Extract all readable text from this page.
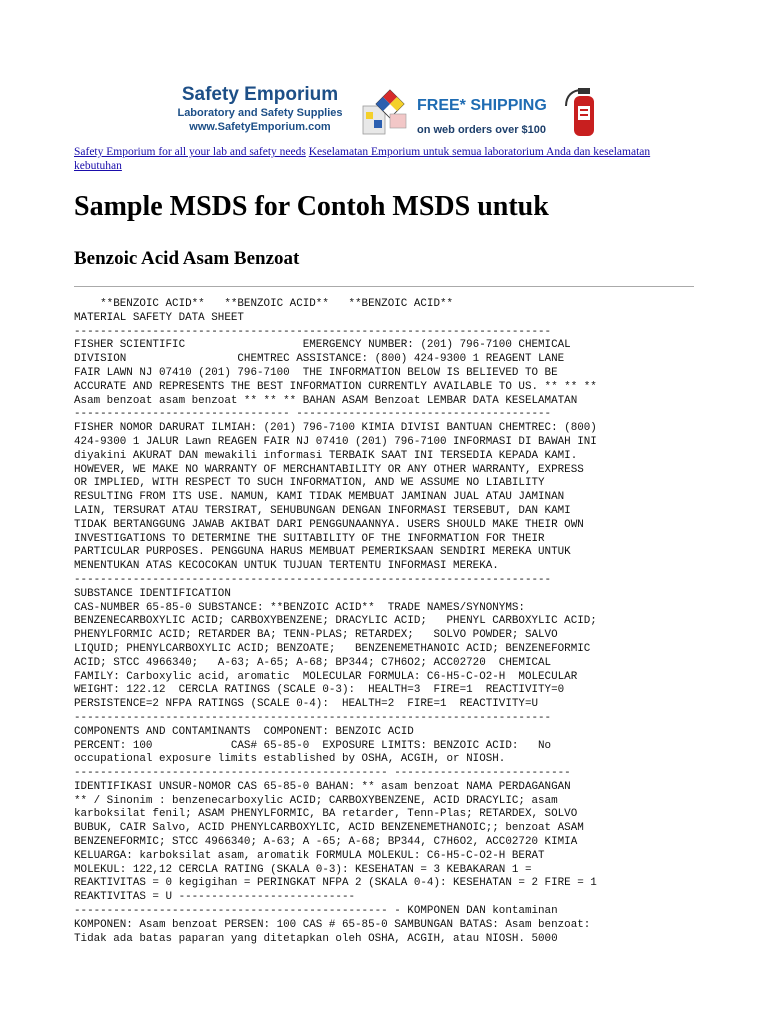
Safety Emporium
Laboratory and Safety Supplies
www.SafetyEmporium.com
FREE* SHIPPING
on web orders over $100
Safety Emporium for all your lab and safety needs Keselamatan Emporium untuk semua laboratorium Anda dan keselamatan kebutuhan
Sample MSDS for Contoh MSDS untuk
Benzoic Acid Asam Benzoat
**BENZOIC ACID**   **BENZOIC ACID**   **BENZOIC ACID**
MATERIAL SAFETY DATA SHEET
-------------------------------------------------------------------------
FISHER SCIENTIFIC                  EMERGENCY NUMBER: (201) 796-7100 CHEMICAL
DIVISION                 CHEMTREC ASSISTANCE: (800) 424-9300 1 REAGENT LANE
FAIR LAWN NJ 07410 (201) 796-7100  THE INFORMATION BELOW IS BELIEVED TO BE
ACCURATE AND REPRESENTS THE BEST INFORMATION CURRENTLY AVAILABLE TO US. ** ** **
Asam benzoat asam benzoat ** ** ** BAHAN ASAM Benzoat LEMBAR DATA KESELAMATAN
--------------------------------- ---------------------------------------
FISHER NOMOR DARURAT ILMIAH: (201) 796-7100 KIMIA DIVISI BANTUAN CHEMTREC: (800)
424-9300 1 JALUR Lawn REAGEN FAIR NJ 07410 (201) 796-7100 INFORMASI DI BAWAH INI
diyakini AKURAT DAN mewakili informasi TERBAIK SAAT INI TERSEDIA KEPADA KAMI.
HOWEVER, WE MAKE NO WARRANTY OF MERCHANTABILITY OR ANY OTHER WARRANTY, EXPRESS
OR IMPLIED, WITH RESPECT TO SUCH INFORMATION, AND WE ASSUME NO LIABILITY
RESULTING FROM ITS USE. NAMUN, KAMI TIDAK MEMBUAT JAMINAN JUAL ATAU JAMINAN
LAIN, TERSURAT ATAU TERSIRAT, SEHUBUNGAN DENGAN INFORMASI TERSEBUT, DAN KAMI
TIDAK BERTANGGUNG JAWAB AKIBAT DARI PENGGUNAANNYA. USERS SHOULD MAKE THEIR OWN
INVESTIGATIONS TO DETERMINE THE SUITABILITY OF THE INFORMATION FOR THEIR
PARTICULAR PURPOSES. PENGGUNA HARUS MEMBUAT PEMERIKSAAN SENDIRI MEREKA UNTUK
MENENTUKAN ATAS KECOCOKAN UNTUK TUJUAN TERTENTU INFORMASI MEREKA.
-------------------------------------------------------------------------
SUBSTANCE IDENTIFICATION
CAS-NUMBER 65-85-0 SUBSTANCE: **BENZOIC ACID**  TRADE NAMES/SYNONYMS:
BENZENECARBOXYLIC ACID; CARBOXYBENZENE; DRACYLIC ACID;   PHENYL CARBOXYLIC ACID;
PHENYLFORMIC ACID; RETARDER BA; TENN-PLAS; RETARDEX;   SOLVO POWDER; SALVO
LIQUID; PHENYLCARBOXYLIC ACID; BENZOATE;   BENZENEMETHANOIC ACID; BENZENEFORMIC
ACID; STCC 4966340;   A-63; A-65; A-68; BP344; C7H6O2; ACC02720  CHEMICAL
FAMILY: Carboxylic acid, aromatic  MOLECULAR FORMULA: C6-H5-C-O2-H  MOLECULAR
WEIGHT: 122.12  CERCLA RATINGS (SCALE 0-3):  HEALTH=3  FIRE=1  REACTIVITY=0
PERSISTENCE=2 NFPA RATINGS (SCALE 0-4):  HEALTH=2  FIRE=1  REACTIVITY=U
-------------------------------------------------------------------------
COMPONENTS AND CONTAMINANTS  COMPONENT: BENZOIC ACID
PERCENT: 100            CAS# 65-85-0  EXPOSURE LIMITS: BENZOIC ACID:   No
occupational exposure limits established by OSHA, ACGIH, or NIOSH.
------------------------------------------------ ---------------------------
IDENTIFIKASI UNSUR-NOMOR CAS 65-85-0 BAHAN: ** asam benzoat NAMA PERDAGANGAN
** / Sinonim : benzenecarboxylic ACID; CARBOXYBENZENE, ACID DRACYLIC; asam
karboksilat fenil; ASAM PHENYLFORMIC, BA retarder, Tenn-Plas; RETARDEX, SOLVO
BUBUK, CAIR Salvo, ACID PHENYLCARBOXYLIC, ACID BENZENEMETHANOIC;; benzoat ASAM
BENZENEFORMIC; STCC 4966340; A-63; A -65; A-68; BP344, C7H6O2, ACC02720 KIMIA
KELUARGA: karboksilat asam, aromatik FORMULA MOLEKUL: C6-H5-C-O2-H BERAT
MOLEKUL: 122,12 CERCLA RATING (SKALA 0-3): KESEHATAN = 3 KEBAKARAN 1 =
REAKTIVITAS = 0 kegigihan = PERINGKAT NFPA 2 (SKALA 0-4): KESEHATAN = 2 FIRE = 1
REAKTIVITAS = U ---------------------------
------------------------------------------------ - KOMPONEN DAN kontaminan
KOMPONEN: Asam benzoat PERSEN: 100 CAS # 65-85-0 SAMBUNGAN BATAS: Asam benzoat:
Tidak ada batas paparan yang ditetapkan oleh OSHA, ACGIH, atau NIOSH. 5000
